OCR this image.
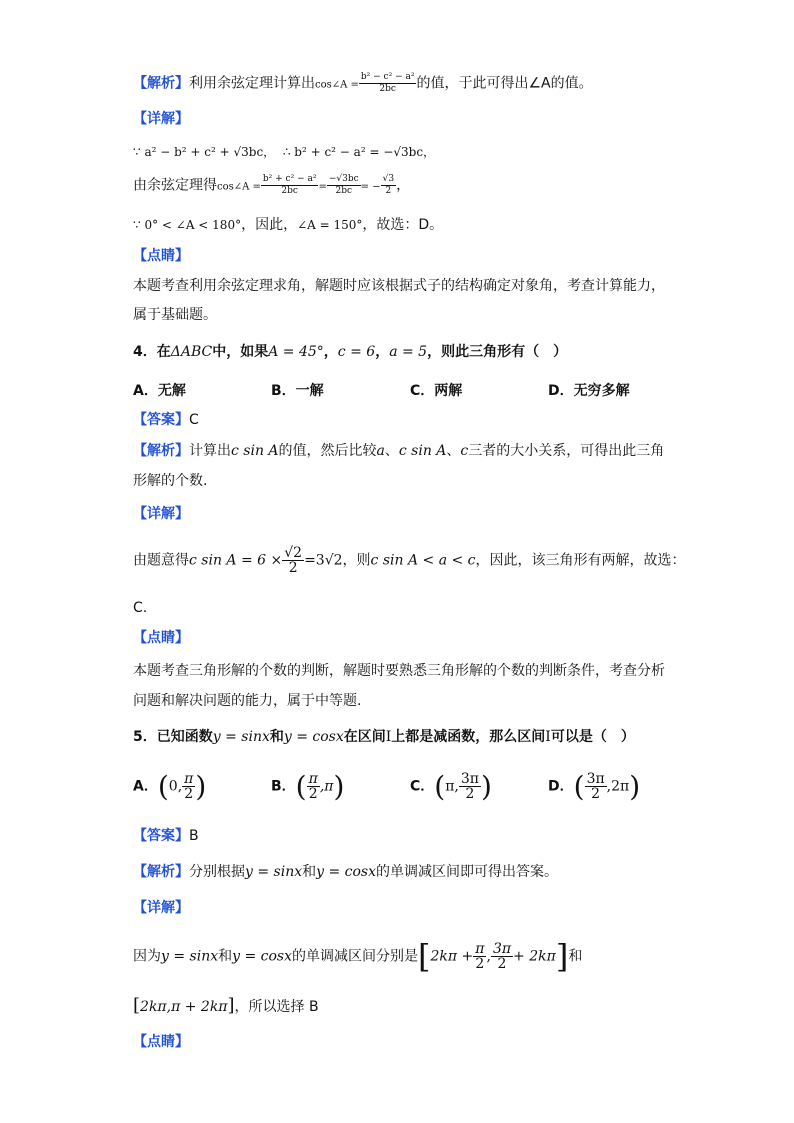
【解析】利用余弦定理计算出cos∠A = $\frac{\text{b² − c² − a²}}{2bc}$ 的值，于此可得出∠A的值。
【详解】
∵ a² − b² + c² + √3bc， ∴ b² + c² − a² = −√3bc，
由余弦定理得cos∠A = $\frac{\text{b² + c² − a²}}{2bc} = \frac{-√3bc}{2bc}$ = − $\frac{√3}{2}$ ，
∵ 0° < ∠A < 180°，因此，∠A = 150°，故选：D。
【点睛】
本题考查利用余弦定理求角，解题时应该根据式子的结构确定对象角，考查计算能力，
属于基础题。
4．在ΔABC中，如果A = 45°，c = 6，a = 5，则此三角形有（　）
A．无解	B．一解	C．两解	D．无穷多解
【答案】C
【解析】计算出c sin A的值，然后比较a、c sin A、c三者的大小关系，可得出此三角
形解的个数.
【详解】
由题意得c $\sin A = 6 \times \frac{√2}{2} =3√2$，则c sin A < a < c，因此，该三角形有两解，故选：
C.
【点睛】
本题考查三角形解的个数的判断，解题时要熟悉三角形解的个数的判断条件，考查分析
问题和解决问题的能力，属于中等题.
5．已知函数y = sinx和y = cosx在区间I上都是减函数，那么区间I可以是（　）
A．(0, $\frac{\pi}{2}$ )	B．( $\frac{\pi}{2} ,\pi$)	C．(π, $\frac{3\pi}{2}$ )	D．( $\frac{3\pi}{2} ,2\pi$)
【答案】B
【解析】分别根据y = sinx和y = cosx的单调减区间即可得出答案。
【详解】
因为y = sinx和y = cosx的单调减区间分别是[$2k\pi + \frac{\pi}{2}$ , $\frac{3\pi}{2} + 2k\pi$]和
[2kπ,π + 2kπ]，所以选择 B
【点睛】
